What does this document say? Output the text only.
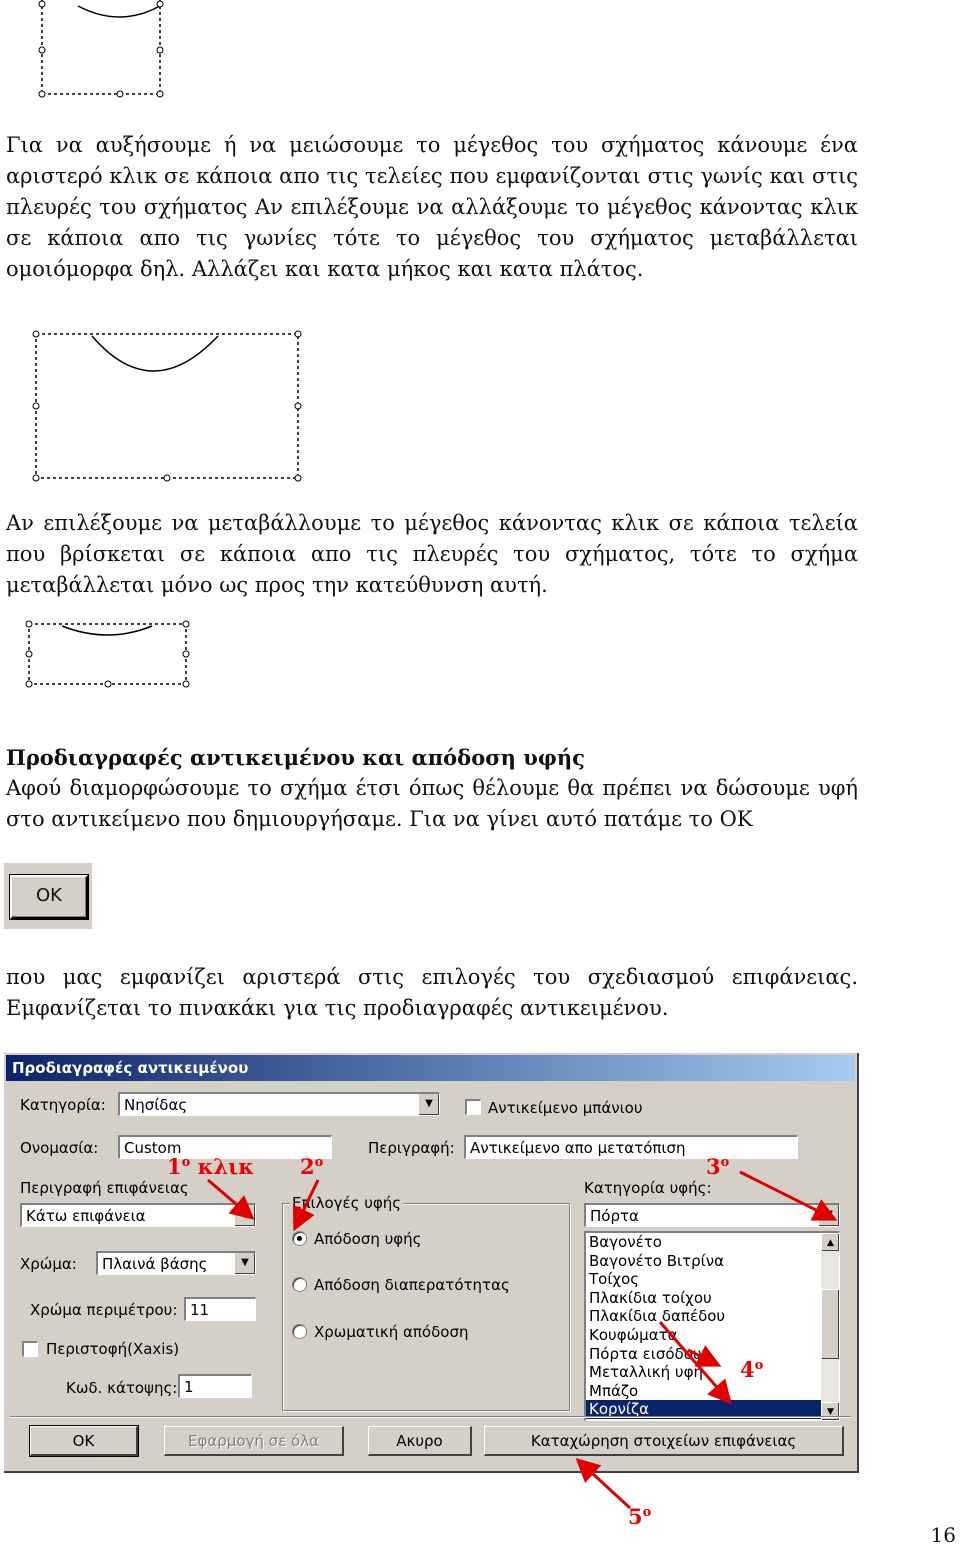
Για να αυξήσουμε ή να μειώσουμε το μέγεθος του σχήματος κάνουμε ένα αριστερό κλικ σε κάποια απο τις τελείες που εμφανίζονται στις γωνίς και στις πλευρές του σχήματος Αν επιλέξουμε να αλλάξουμε το μέγεθος κάνοντας κλικ σε κάποια απο τις γωνίες τότε το μέγεθος του σχήματος μεταβάλλεται ομοιόμορφα δηλ. Αλλάζει και κατα μήκος και κατα πλάτος.
Αν επιλέξουμε να μεταβάλλουμε το μέγεθος κάνοντας κλικ σε κάποια τελεία που βρίσκεται σε κάποια απο τις πλευρές του σχήματος, τότε το σχήμα μεταβάλλεται μόνο ως προς την κατεύθυνση αυτή.
Προδιαγραφές αντικειμένου και απόδοση υφής
Αφού διαμορφώσουμε το σχήμα έτσι όπως θέλουμε θα πρέπει να δώσουμε υφή στο αντικείμενο που δημιουργήσαμε. Για να γίνει αυτό πατάμε το ΟΚ
OK
που μας εμφανίζει αριστερά στις επιλογές του σχεδιασμού επιφάνειας. Εμφανίζεται το πινακάκι για τις προδιαγραφές αντικειμένου.
Προδιαγραφές αντικειμένου
Κατηγορία:	Νησίδας	▼	Αντικείμενο μπάνιου
Ονομασία:	Custom	Περιγραφή:	Αντικείμενο απο μετατόπιση
Περιγραφή επιφάνειας
Κάτω επιφάνεια	▼
Χρώμα:	Πλαινά βάσης	▼
Χρώμα περιμέτρου: 11
Περιστοφή(Xaxis)
Κωδ. κάτοψης: 1
Επιλογές υφής
Απόδοση υφής
Απόδοση διαπερατότητας
Χρωματική απόδοση
Κατηγορία υφής:
Πόρτα	▼
Βαγονέτο
Βαγονέτο Βιτρίνα
Τοίχος
Πλακίδια τοίχου
Πλακίδια δαπέδου
Κουφώματα
Πόρτα εισόδου
Μεταλλική υφή
Μπάζο
Κορνίζα
▲
▼
OK	Εφαρμογή σε όλα	Ακυρο	Καταχώρηση στοιχείων επιφάνειας
$1^o$ κλικ $2^o$	$3^o$
$4^o$
$5^o$
16
